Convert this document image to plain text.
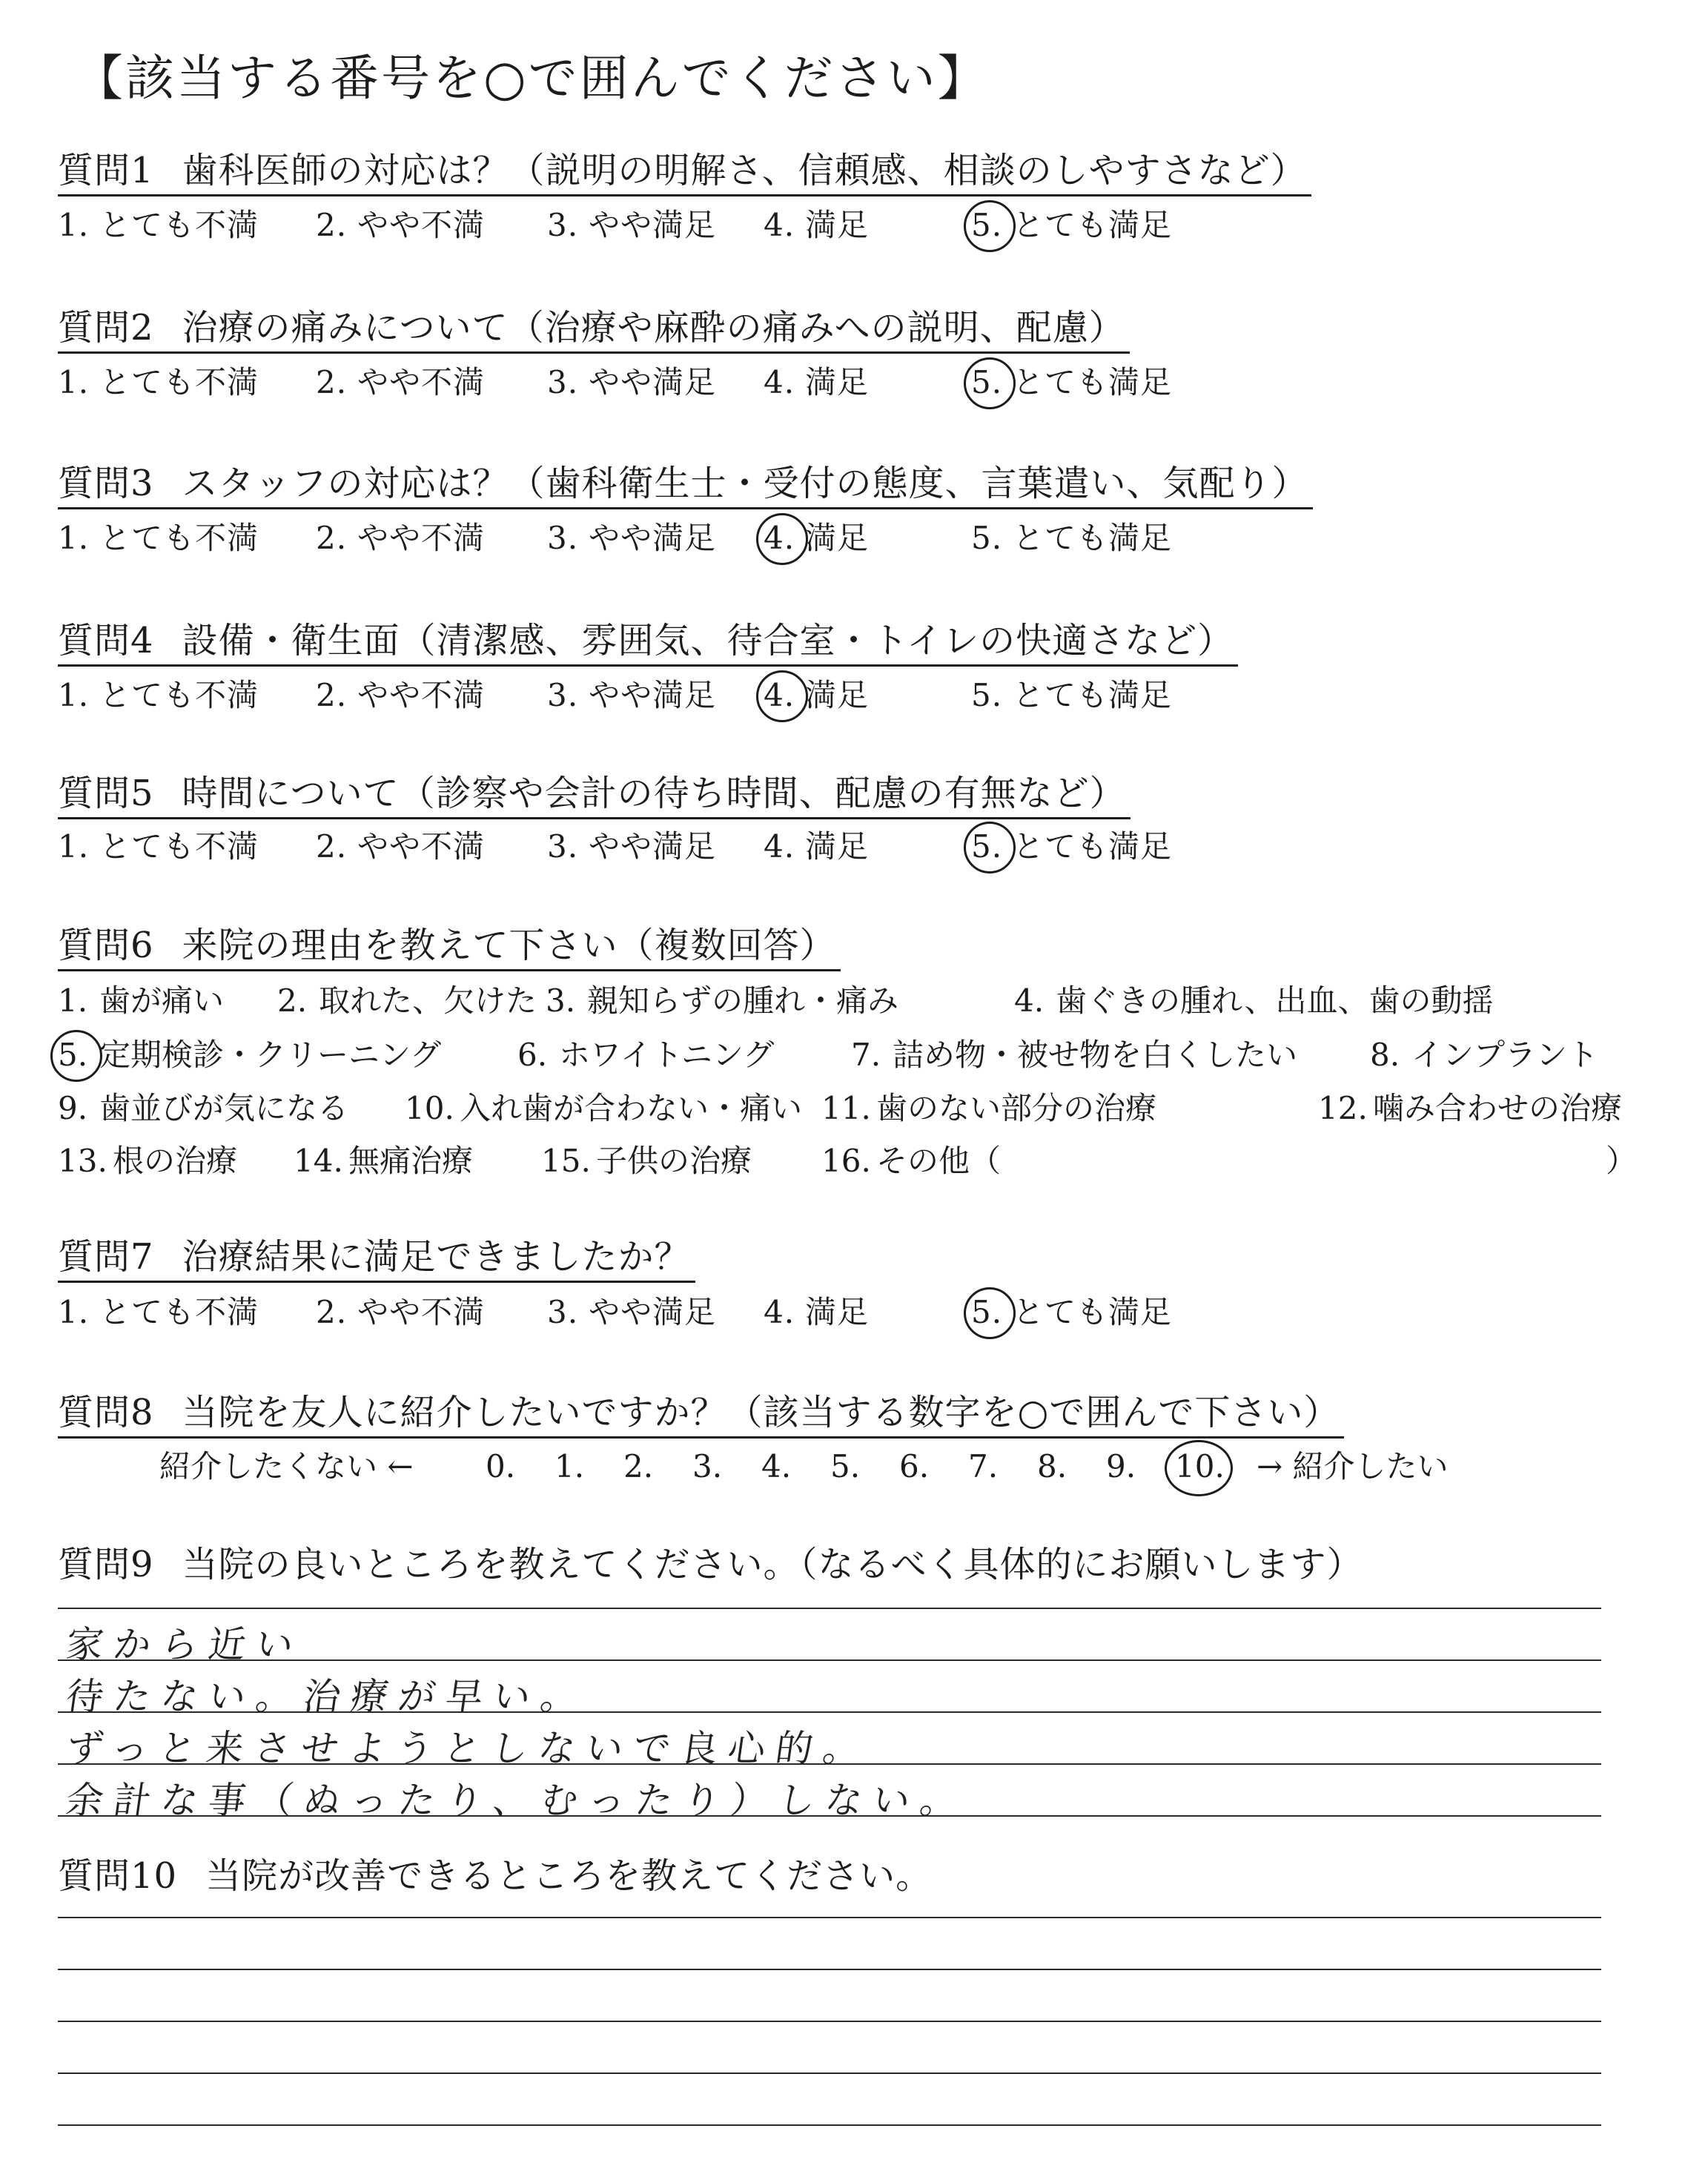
【該当する番号を○で囲んでください】
質問1 歯科医師の対応は？（説明の明解さ、信頼感、相談のしやすさなど）
1. とても不満 2. やや不満 3. やや満足 4. 満足	5. とても満足
質問2 治療の痛みについて（治療や麻酔の痛みへの説明、配慮）
1. とても不満 2. やや不満 3. やや満足 4. 満足	5. とても満足
質問3 スタッフの対応は？（歯科衛生士・受付の態度、言葉遣い、気配り）
1. とても不満 2. やや不満 3. やや満足 4. 満足	5. とても満足
質問4 設備・衛生面（清潔感、雰囲気、待合室・トイレの快適さなど）
1. とても不満 2. やや不満 3. やや満足 4. 満足	5. とても満足
質問5 時間について（診察や会計の待ち時間、配慮の有無など）
1. とても不満 2. やや不満 3. やや満足 4. 満足	5. とても満足
質問6 来院の理由を教えて下さい（複数回答）
質問7 治療結果に満足できましたか？
1. とても不満 2. やや不満 3. やや満足 4. 満足	5. とても満足
質問8 当院を友人に紹介したいですか？（該当する数字を○で囲んで下さい）
質問9 当院の良いところを教えてください。（なるべく具体的にお願いします）
質問10 当院が改善できるところを教えてください。
1. 歯が痛い 2. 取れた、欠けた 3. 親知らずの腫れ・痛み	4. 歯ぐきの腫れ、出血、歯の動揺
5. 定期検診・クリーニング 6. ホワイトニング 7. 詰め物・被せ物を白くしたい 8. インプラント
9. 歯並びが気になる 10. 入れ歯が合わない・痛い 11. 歯のない部分の治療	12. 噛み合わせの治療
13. 根の治療 14. 無痛治療 15. 子供の治療 16. その他（	）
紹介したくない ← 0. 1. 2. 3. 4. 5. 6. 7. 8. 9. 10. → 紹介したい
家から近い
待たない。治療が早い。
ずっと来させようとしないで良心的。
余計な事（ぬったり、むったり）しない。
